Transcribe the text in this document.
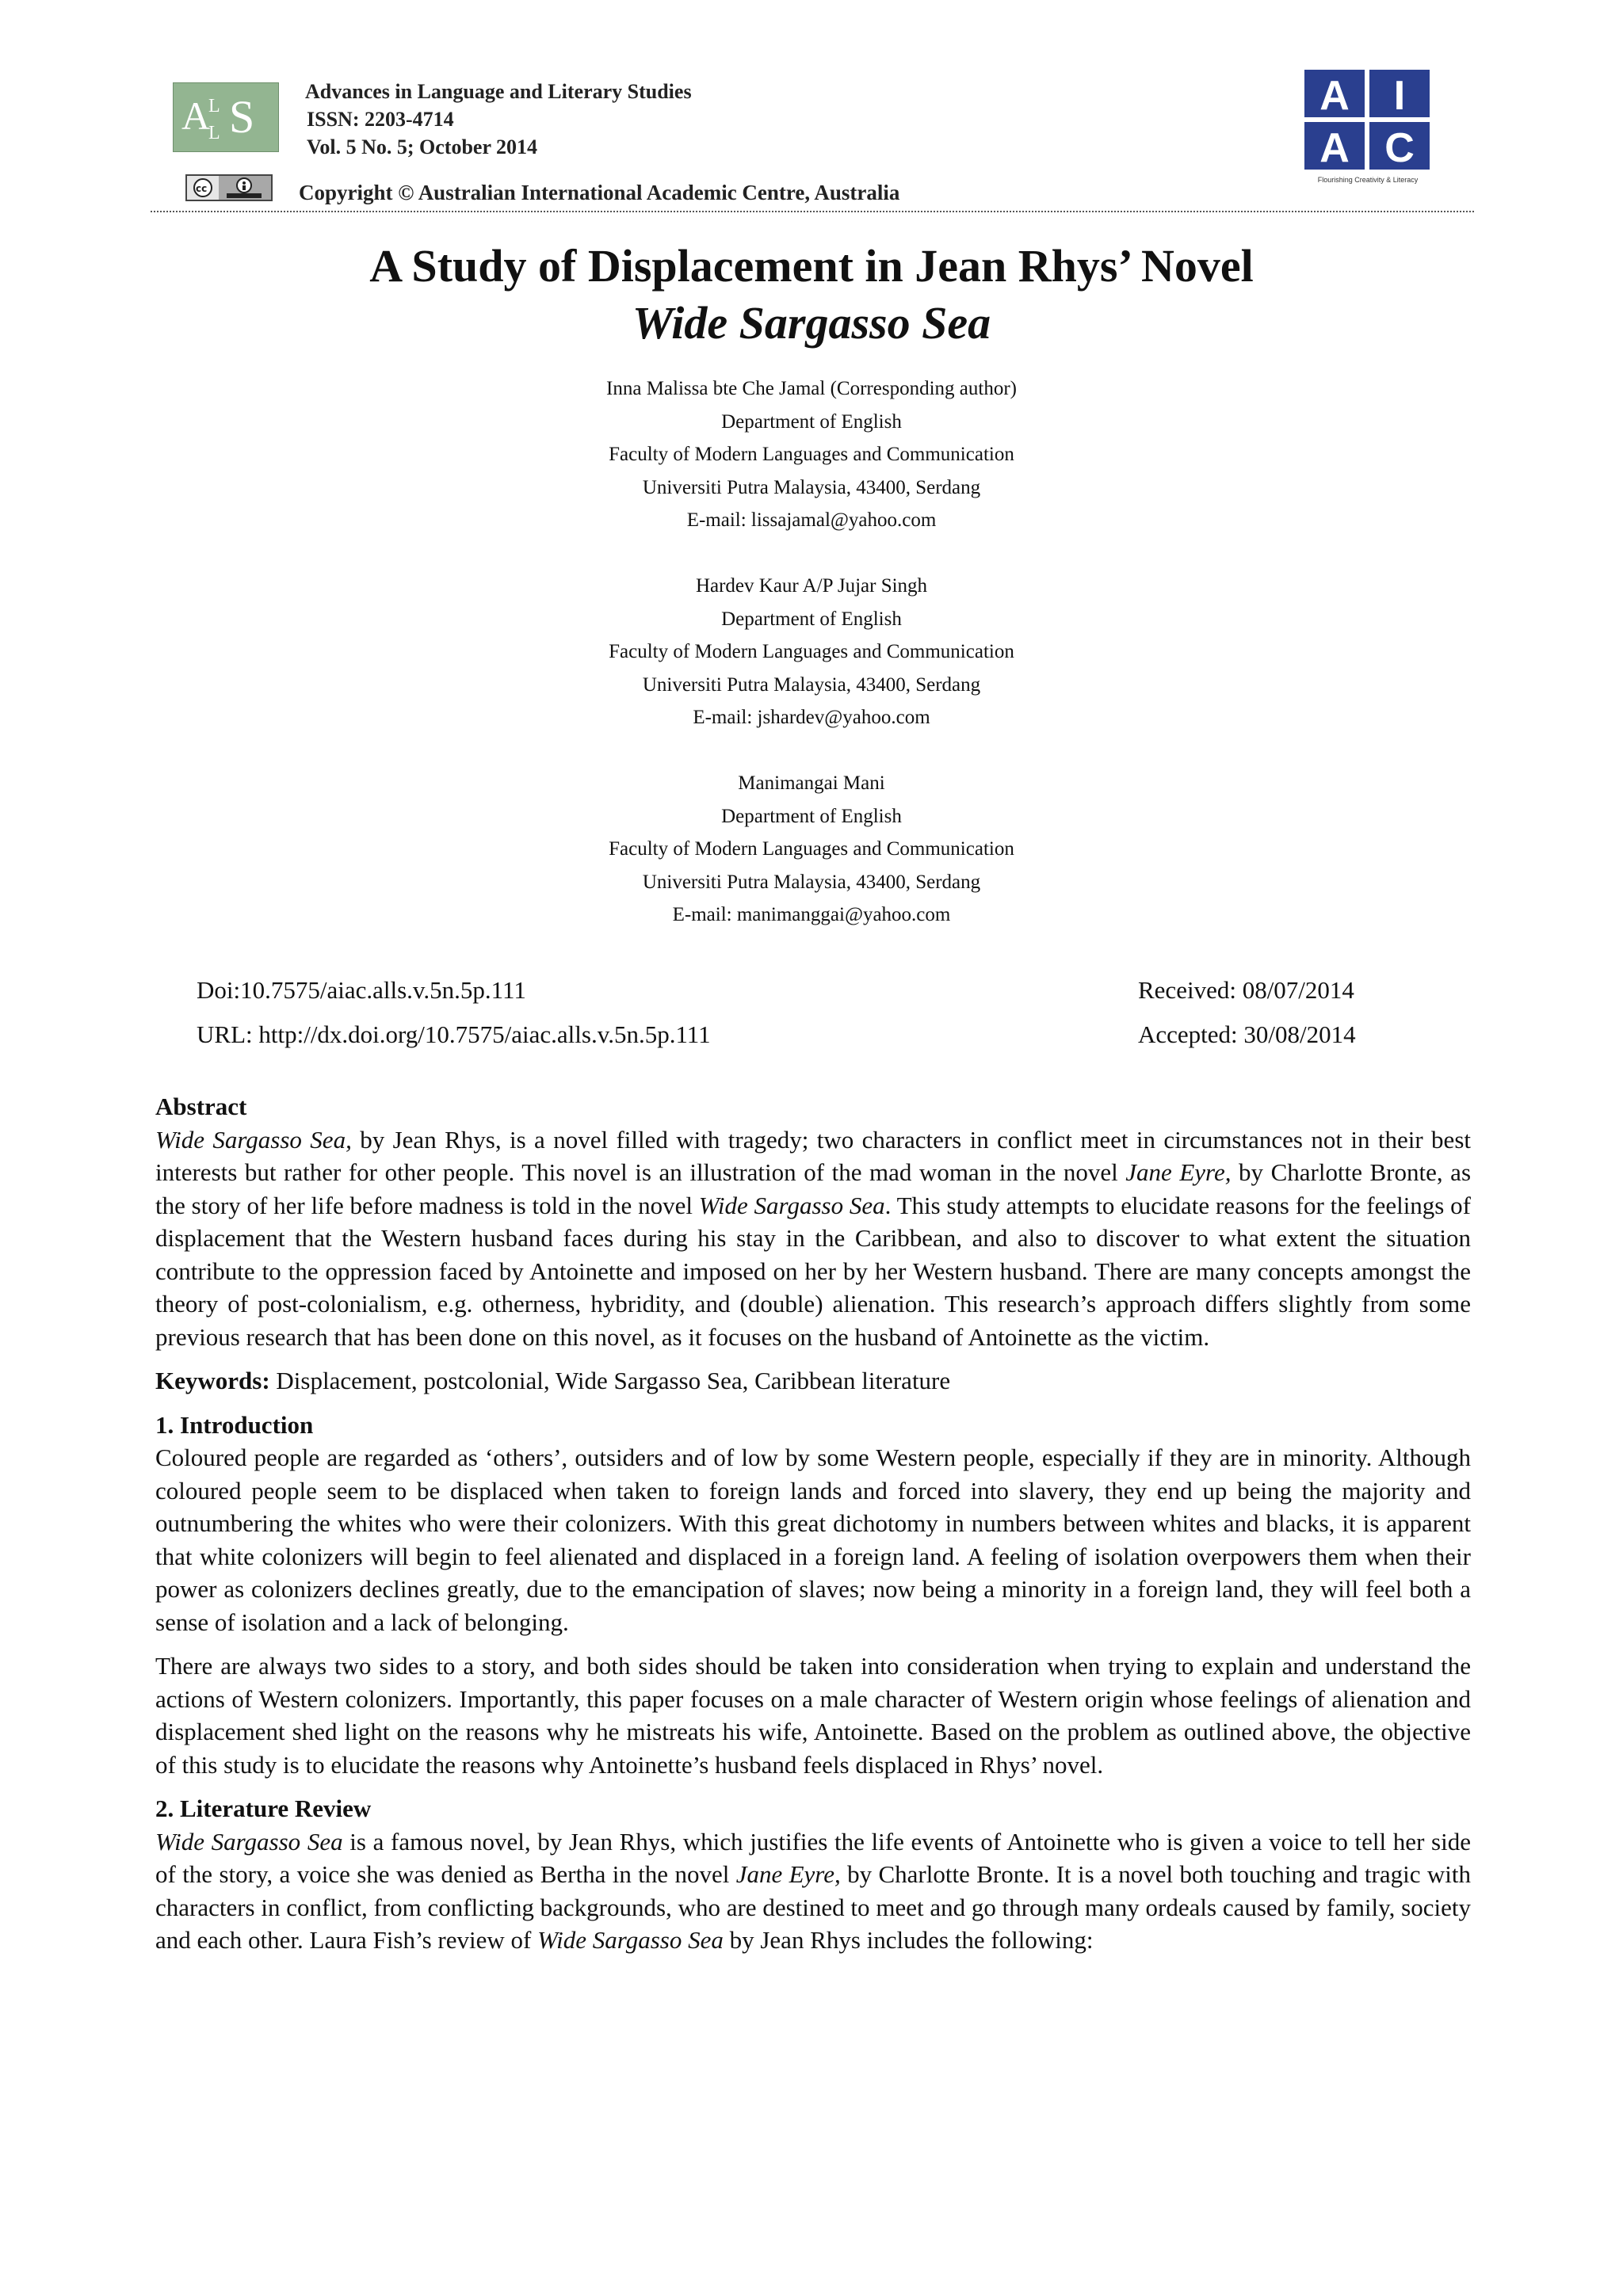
A
L
L S Advances in Language and Literary Studies
ISSN: 2203-4714
Vol. 5 No. 5; October 2014
cc	Copyright © Australian International Academic Centre, Australia
A I
A C
Flourishing Creativity & Literacy
A Study of Displacement in Jean Rhys’ Novel
Wide Sargasso Sea
Inna Malissa bte Che Jamal (Corresponding author)
Department of English
Faculty of Modern Languages and Communication
Universiti Putra Malaysia, 43400, Serdang
E-mail: lissajamal@yahoo.com
Hardev Kaur A/P Jujar Singh
Department of English
Faculty of Modern Languages and Communication
Universiti Putra Malaysia, 43400, Serdang
E-mail: jshardev@yahoo.com
Manimangai Mani
Department of English
Faculty of Modern Languages and Communication
Universiti Putra Malaysia, 43400, Serdang
E-mail: manimanggai@yahoo.com
Doi:10.7575/aiac.alls.v.5n.5p.111
URL: http://dx.doi.org/10.7575/aiac.alls.v.5n.5p.111
Received: 08/07/2014
Accepted: 30/08/2014
Abstract

Wide Sargasso Sea, by Jean Rhys, is a novel filled with tragedy; two characters in conflict meet in circumstances not in their best interests but rather for other people. This novel is an illustration of the mad woman in the novel Jane Eyre, by Charlotte Bronte, as the story of her life before madness is told in the novel Wide Sargasso Sea. This study attempts to elucidate reasons for the feelings of displacement that the Western husband faces during his stay in the Caribbean, and also to discover to what extent the situation contribute to the oppression faced by Antoinette and imposed on her by her Western husband. There are many concepts amongst the theory of post-colonialism, e.g. otherness, hybridity, and (double) alienation. This research’s approach differs slightly from some previous research that has been done on this novel, as it focuses on the husband of Antoinette as the victim.

Keywords: Displacement, postcolonial, Wide Sargasso Sea, Caribbean literature

1. Introduction

Coloured people are regarded as ‘others’, outsiders and of low by some Western people, especially if they are in minority. Although coloured people seem to be displaced when taken to foreign lands and forced into slavery, they end up being the majority and outnumbering the whites who were their colonizers. With this great dichotomy in numbers between whites and blacks, it is apparent that white colonizers will begin to feel alienated and displaced in a foreign land. A feeling of isolation overpowers them when their power as colonizers declines greatly, due to the emancipation of slaves; now being a minority in a foreign land, they will feel both a sense of isolation and a lack of belonging.

There are always two sides to a story, and both sides should be taken into consideration when trying to explain and understand the actions of Western colonizers. Importantly, this paper focuses on a male character of Western origin whose feelings of alienation and displacement shed light on the reasons why he mistreats his wife, Antoinette. Based on the problem as outlined above, the objective of this study is to elucidate the reasons why Antoinette’s husband feels displaced in Rhys’ novel.

2. Literature Review

Wide Sargasso Sea is a famous novel, by Jean Rhys, which justifies the life events of Antoinette who is given a voice to tell her side of the story, a voice she was denied as Bertha in the novel Jane Eyre, by Charlotte Bronte. It is a novel both touching and tragic with characters in conflict, from conflicting backgrounds, who are destined to meet and go through many ordeals caused by family, society and each other. Laura Fish’s review of Wide Sargasso Sea by Jean Rhys includes the following:
